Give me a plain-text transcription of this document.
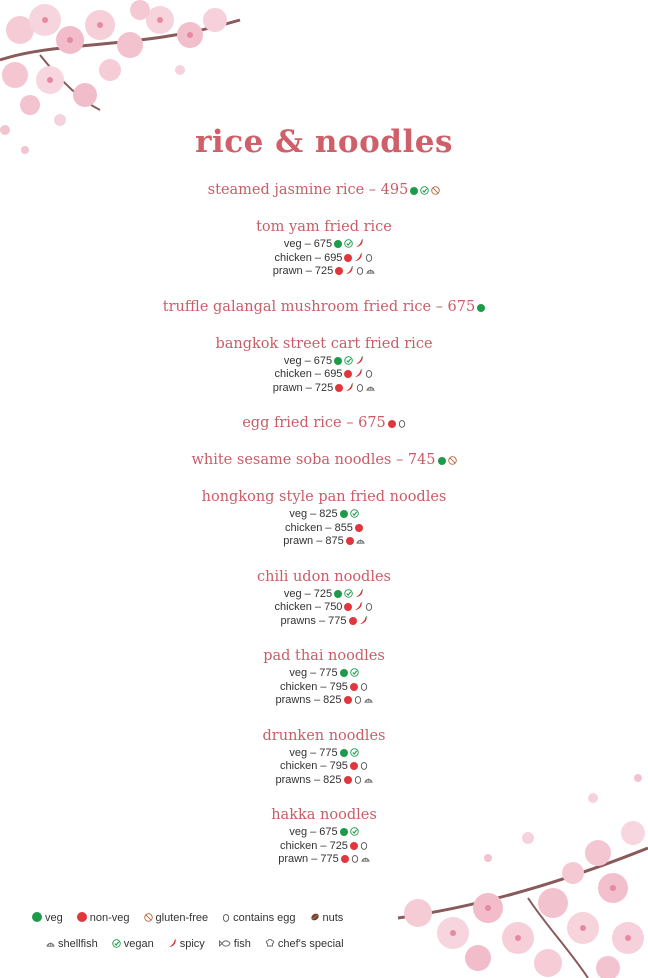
rice & noodles
steamed jasmine rice – 495
tom yam fried rice
veg – 675
chicken – 695
prawn – 725
truffle galangal mushroom fried rice – 675
bangkok street cart fried rice
veg – 675
chicken – 695
prawn – 725
egg fried rice – 675
white sesame soba noodles – 745
hongkong style pan fried noodles
veg – 825
chicken – 855
prawn – 875
chili udon noodles
veg – 725
chicken – 750
prawns – 775
pad thai noodles
veg – 775
chicken – 795
prawns – 825
drunken noodles
veg – 775
chicken – 795
prawns – 825
hakka noodles
veg – 675
chicken – 725
prawn – 775
veg non-veg gluten-free contains egg nuts
shellfish vegan spicy	fish chef's special
